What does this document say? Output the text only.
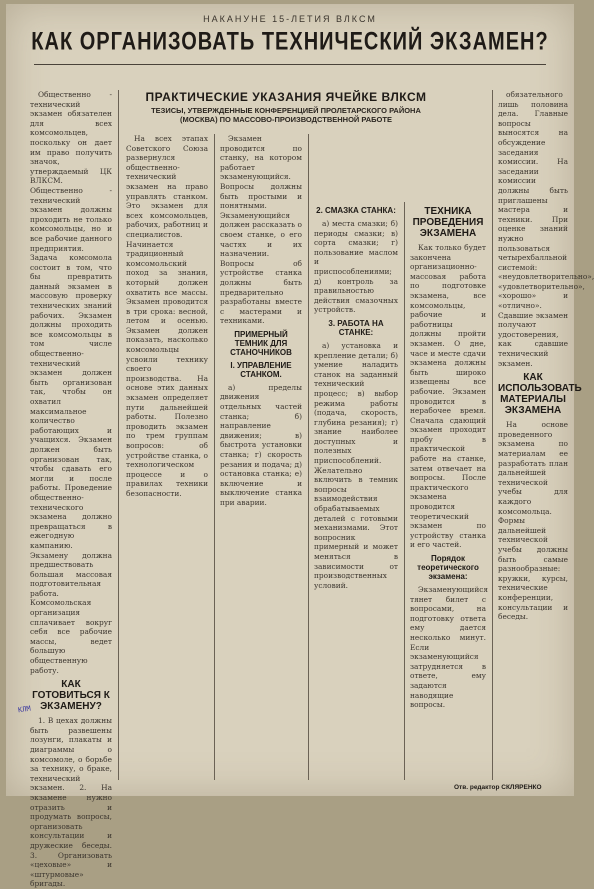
НАКАНУНЕ 15-ЛЕТИЯ ВЛКСМ
КАК ОРГАНИЗОВАТЬ ТЕХНИЧЕСКИЙ ЭКЗАМЕН?

Общественно - технический экзамен обязателен для всех комсомольцев, поскольку он дает им право получить значок, утверждаемый ЦК ВЛКСМ. Общественно - технический экзамен должны проходить не только комсомольцы, но и все рабочие данного предприятия. Задача комсомола состоит в том, что бы превратить данный экзамен в массовую проверку технических знаний рабочих. Экзамен должны проходить все комсомольцы в том числе общественно-технический экзамен должен быть организован так, чтобы он охватил максимальное количество работающих и учащихся. Экзамен должен быть организован так, чтобы сдавать его могли и после работы. Проведение общественно-технического экзамена должно превращаться в ежегодную кампанию. Экзамену должна предшествовать большая массовая подготовительная работа. Комсомольская организация сплачивает вокруг себя все рабочие массы, ведет большую общественную работу.

КАК ГОТОВИТЬСЯ К ЭКЗАМЕНУ?

1. В цехах должны быть развешены лозунги, плакаты и диаграммы о комсомоле, о борьбе за технику, о браке, технический экзамен. 2. На экзамене нужно отразить и продумать вопросы, организовать консультации и дружеские беседы. 3. Организовать «цеховые» и «штурмовые» бригады.

ПРАКТИЧЕСКИЕ УКАЗАНИЯ ЯЧЕЙКЕ ВЛКСМ
ТЕЗИСЫ, УТВЕРЖДЕННЫЕ КОНФЕРЕНЦИЕЙ ПРОЛЕТАРСКОГО РАЙОНА (МОСКВА) ПО МАССОВО-ПРОИЗВОДСТВЕННОЙ РАБОТЕ

На всех этапах Советского Союза развернулся общественно-технический экзамен на право управлять станком. Это экзамен для всех комсомольцев, рабочих, работниц и специалистов. Начинается традиционный комсомольский поход за знания, который должен охватить все массы. Экзамен проводится в три срока: весной, летом и осенью. Экзамен должен показать, насколько комсомольцы усвоили технику своего производства. На основе этих данных экзамен определяет пути дальнейшей работы. Полезно проводить экзамен по трем группам вопросов: об устройстве станка, о технологическом процессе и о правилах техники безопасности.

Экзамен проводится по станку, на котором работает экзаменующийся. Вопросы должны быть простыми и понятными. Экзаменующийся должен рассказать о своем станке, о его частях и их назначении. Вопросы об устройстве станка должны быть предварительно разработаны вместе с мастерами и техниками.

ПРИМЕРНЫЙ ТЕМНИК ДЛЯ СТАНОЧНИКОВ
I. УПРАВЛЕНИЕ СТАНКОМ.

а) пределы движения отдельных частей станка; б) направление движения; в) быстрота установки станка; г) скорость резания и подача; д) остановка станка; е) включение и выключение станка при аварии.

2. СМАЗКА СТАНКА:

а) места смазки; б) периоды смазки; в) сорта смазки; г) пользование маслом и приспособлениями; д) контроль за правильностью действия смазочных устройств.

3. РАБОТА НА СТАНКЕ:

а) установка и крепление детали; б) умение наладить станок на заданный технический процесс; в) выбор режима работы (подача, скорость, глубина резания); г) знание наиболее доступных и полезных приспособлений. Желательно включить в темник вопросы взаимодействия обрабатываемых деталей с готовыми механизмами. Этот вопросник примерный и может меняться в зависимости от производственных условий.

ТЕХНИКА ПРОВЕДЕНИЯ ЭКЗАМЕНА

Как только будет закончена организационно-массовая работа по подготовке экзамена, все комсомольцы, рабочие и работницы должны пройти экзамен. О дне, часе и месте сдачи экзамена должны быть широко извещены все рабочие. Экзамен проводится в нерабочее время. Сначала сдающий экзамен проходит пробу в практической работе на станке, затем отвечает на вопросы. После практического экзамена проводится теоретический экзамен по устройству станка и его частей.

Порядок теоретического экзамена:

Экзаменующийся тянет билет с вопросами, на подготовку ответа ему дается несколько минут. Если экзаменующийся затрудняется в ответе, ему задаются наводящие вопросы.

обязательного лишь половина дела. Главные вопросы выносятся на обсуждение заседания комиссии. На заседании комиссии должны быть приглашены мастера и техники. При оценке знаний нужно пользоваться четырехбалльной системой: «неудовлетворительно», «удовлетворительно», «хорошо» и «отлично». Сдавшие экзамен получают удостоверения, как сдавшие технический экзамен.

КАК ИСПОЛЬЗОВАТЬ МАТЕРИАЛЫ ЭКЗАМЕНА

На основе проведенного экзамена по материалам ее разработать план дальнейшей технической учебы для каждого комсомольца. Формы дальнейшей технической учебы должны быть самые разнообразные: кружки, курсы, технические конференции, консультации и беседы.

Отв. редактор СКЛЯРЕНКО
КЛМ
